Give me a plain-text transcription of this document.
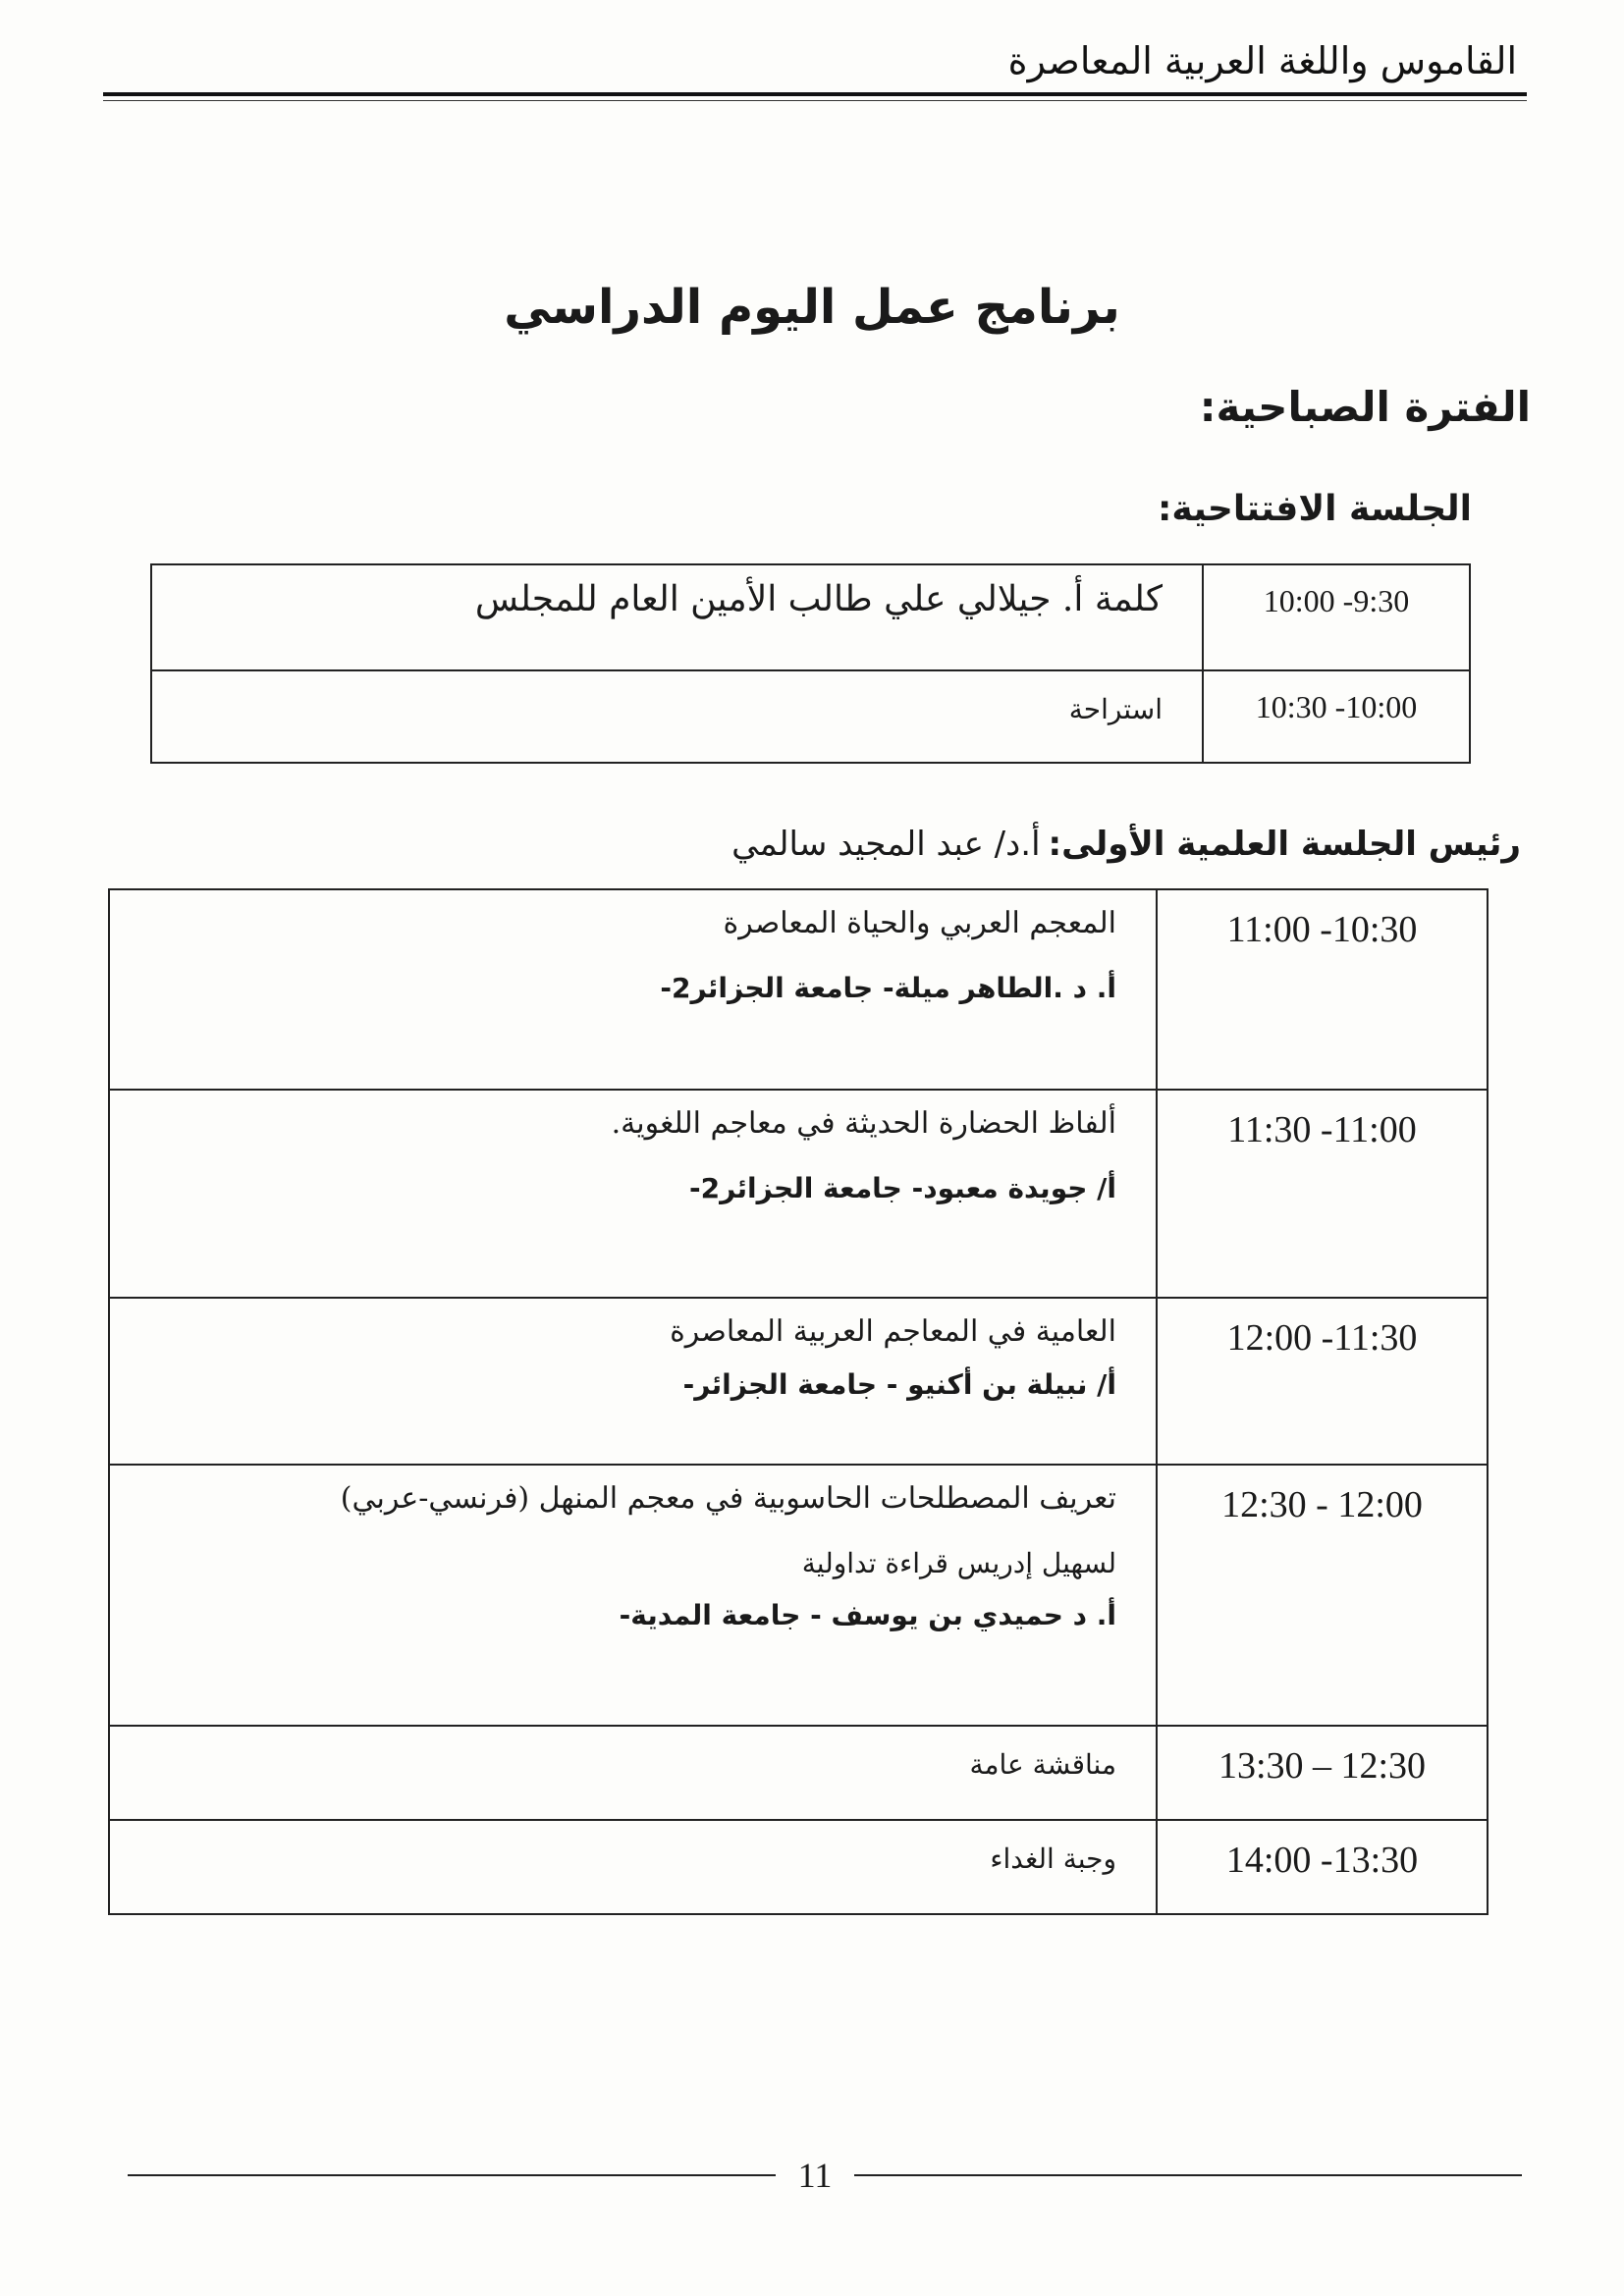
القاموس واللغة العربية المعاصرة
برنامج عمل اليوم الدراسي
الفترة الصباحية:
الجلسة الافتتاحية:
10:00 -9:30	كلمة أ. جيلالي علي طالب الأمين العام للمجلس

10:30 -10:00	استراحة
رئيس الجلسة العلمية الأولى:أ.د/ عبد المجيد سالمي
11:00 -10:30	المعجم العربي والحياة المعاصرة
أ. د .الطاهر ميلة- جامعة الجزائر2-

11:30 -11:00	ألفاظ الحضارة الحديثة في معاجم اللغوية.
أ/ جويدة معبود- جامعة الجزائر2-

12:00 -11:30	العامية في المعاجم العربية المعاصرة
أ/ نبيلة بن أكنيو - جامعة الجزائر-

12:30 - 12:00	تعريف المصطلحات الحاسوبية في معجم المنهل (فرنسي-عربي)
لسهيل إدريس قراءة تداولية
أ. د حميدي بن يوسف - جامعة المدية-

13:30 – 12:30	مناقشة عامة

14:00 -13:30	وجبة الغداء
11
